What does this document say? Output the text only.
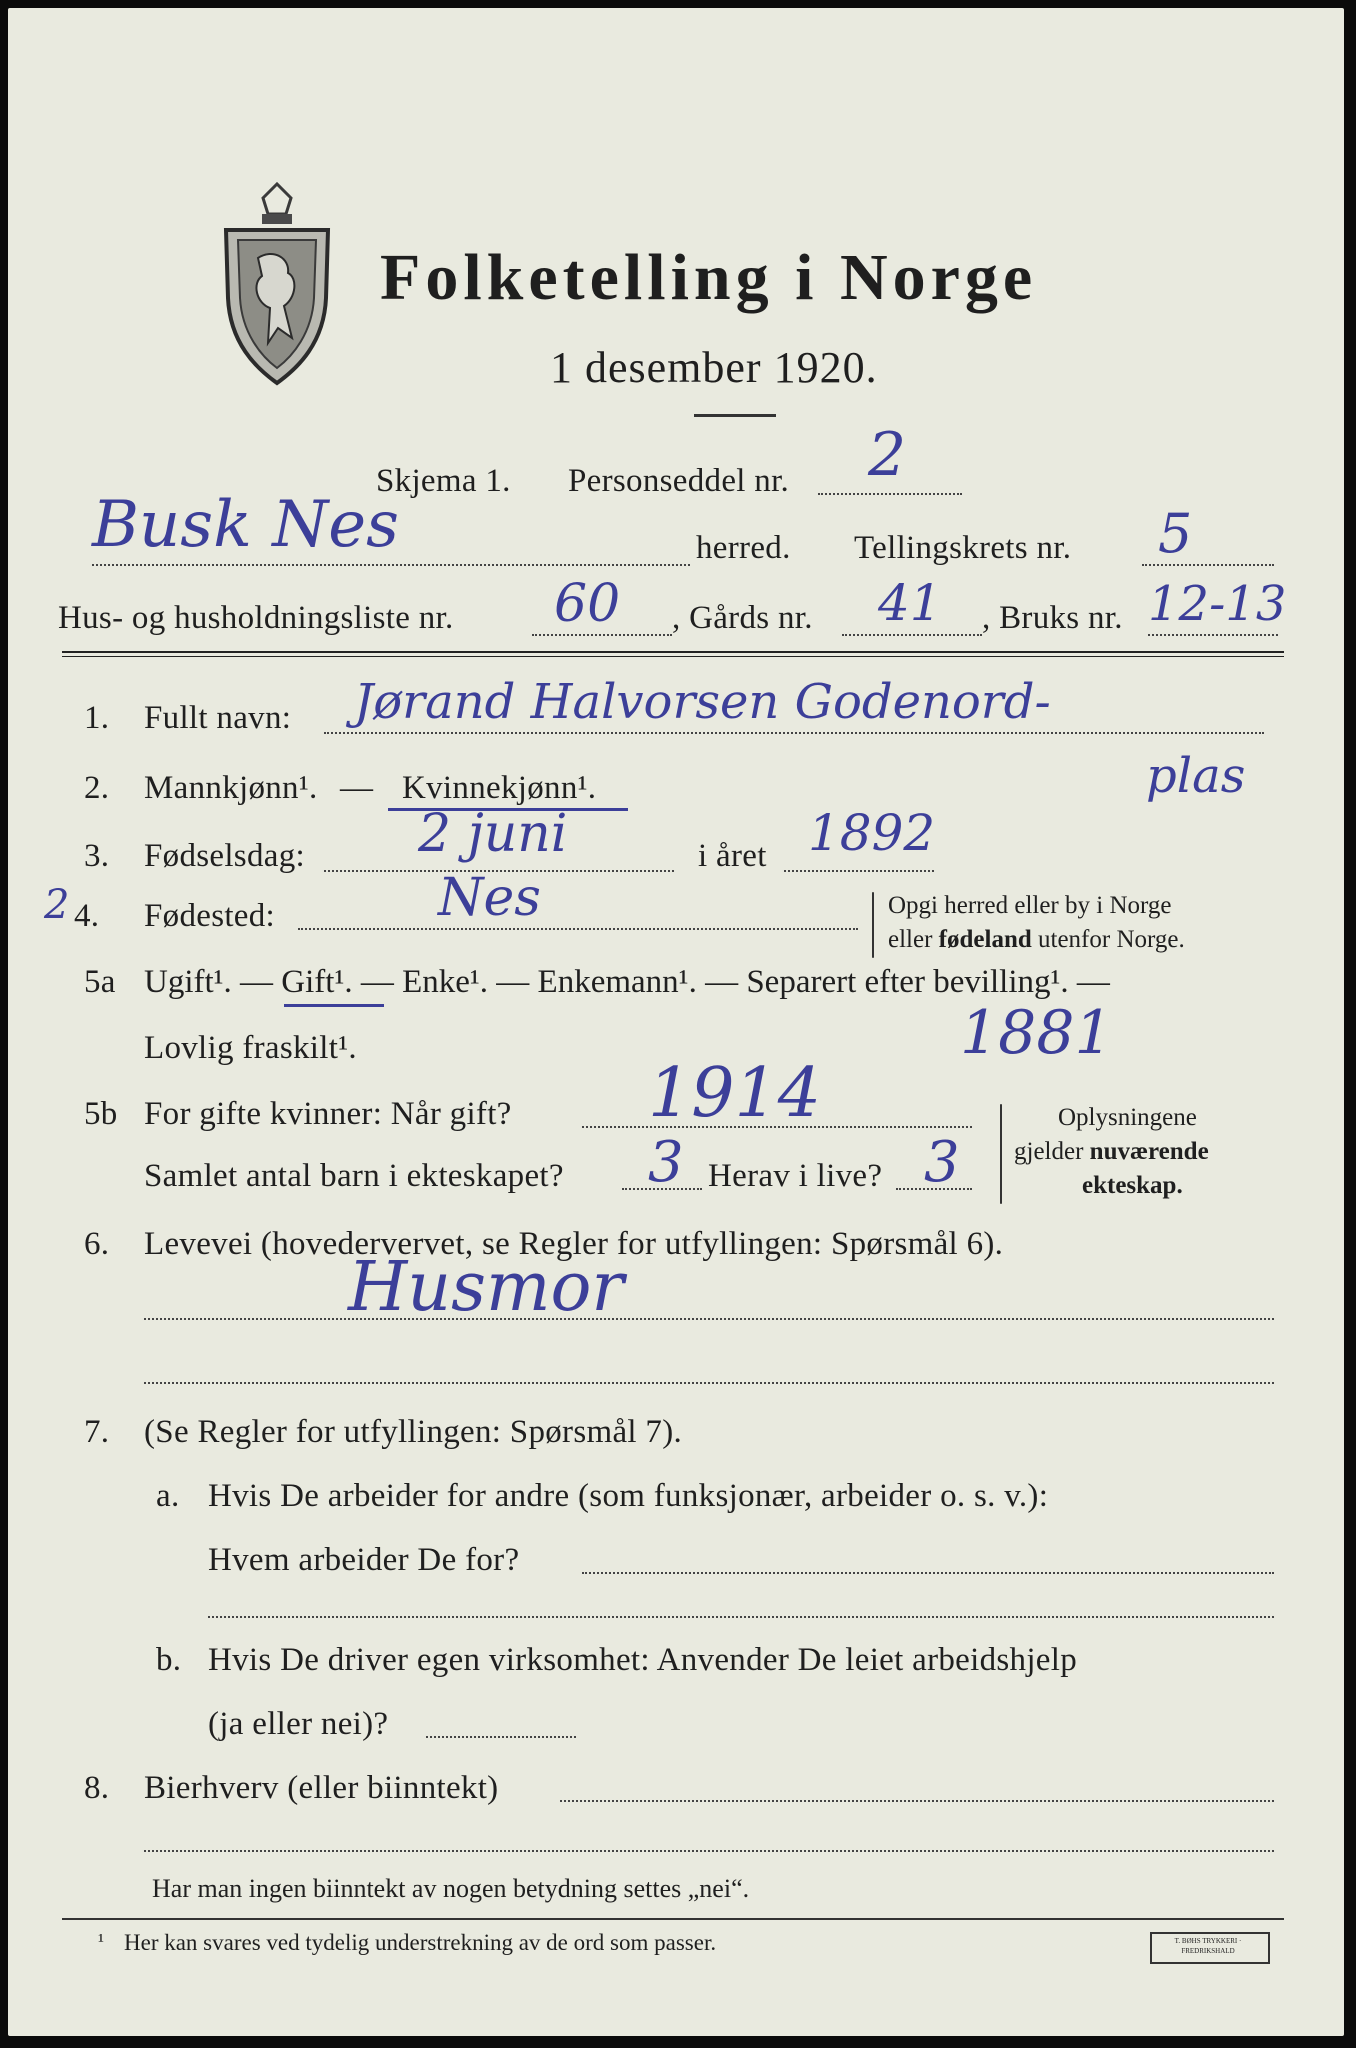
Folketelling i Norge
1 desember 1920.
Skjema 1. Personseddel nr. 2
Busk Nes	herred. Tellingskrets nr. 5
Hus- og husholdningsliste nr. 60 , Gårds nr. 41 , Bruks nr. 12-13
1. Fullt navn: Jørand Halvorsen Godenord-
plas
2. Mannkjønn¹. — Kvinnekjønn¹.
3. Fødselsdag: 2 juni	i året 1892
2 4. Fødested:	Nes	Opgi herred eller by i Norge
eller fødeland utenfor Norge.
5a Ugift¹. — Gift¹. — Enke¹. — Enkemann¹. — Separert efter bevilling¹. —
Lovlig fraskilt¹.	1881
5b For gifte kvinner: Når gift? 1914
Samlet antal barn i ekteskapet? 3 Herav i live? 3
Oplysningene
gjelder nuværende
ekteskap.
6. Levevei (hovedervervet, se Regler for utfyllingen: Spørsmål 6).
Husmor
7. (Se Regler for utfyllingen: Spørsmål 7).
a. Hvis De arbeider for andre (som funksjonær, arbeider o. s. v.):
Hvem arbeider De for?
b. Hvis De driver egen virksomhet: Anvender De leiet arbeidshjelp
(ja eller nei)?
8. Bierhverv (eller biinntekt)
Har man ingen biinntekt av nogen betydning settes „nei“.
¹ Her kan svares ved tydelig understrekning av de ord som passer.	T. BØHS TRYKKERI · FREDRIKSHALD
